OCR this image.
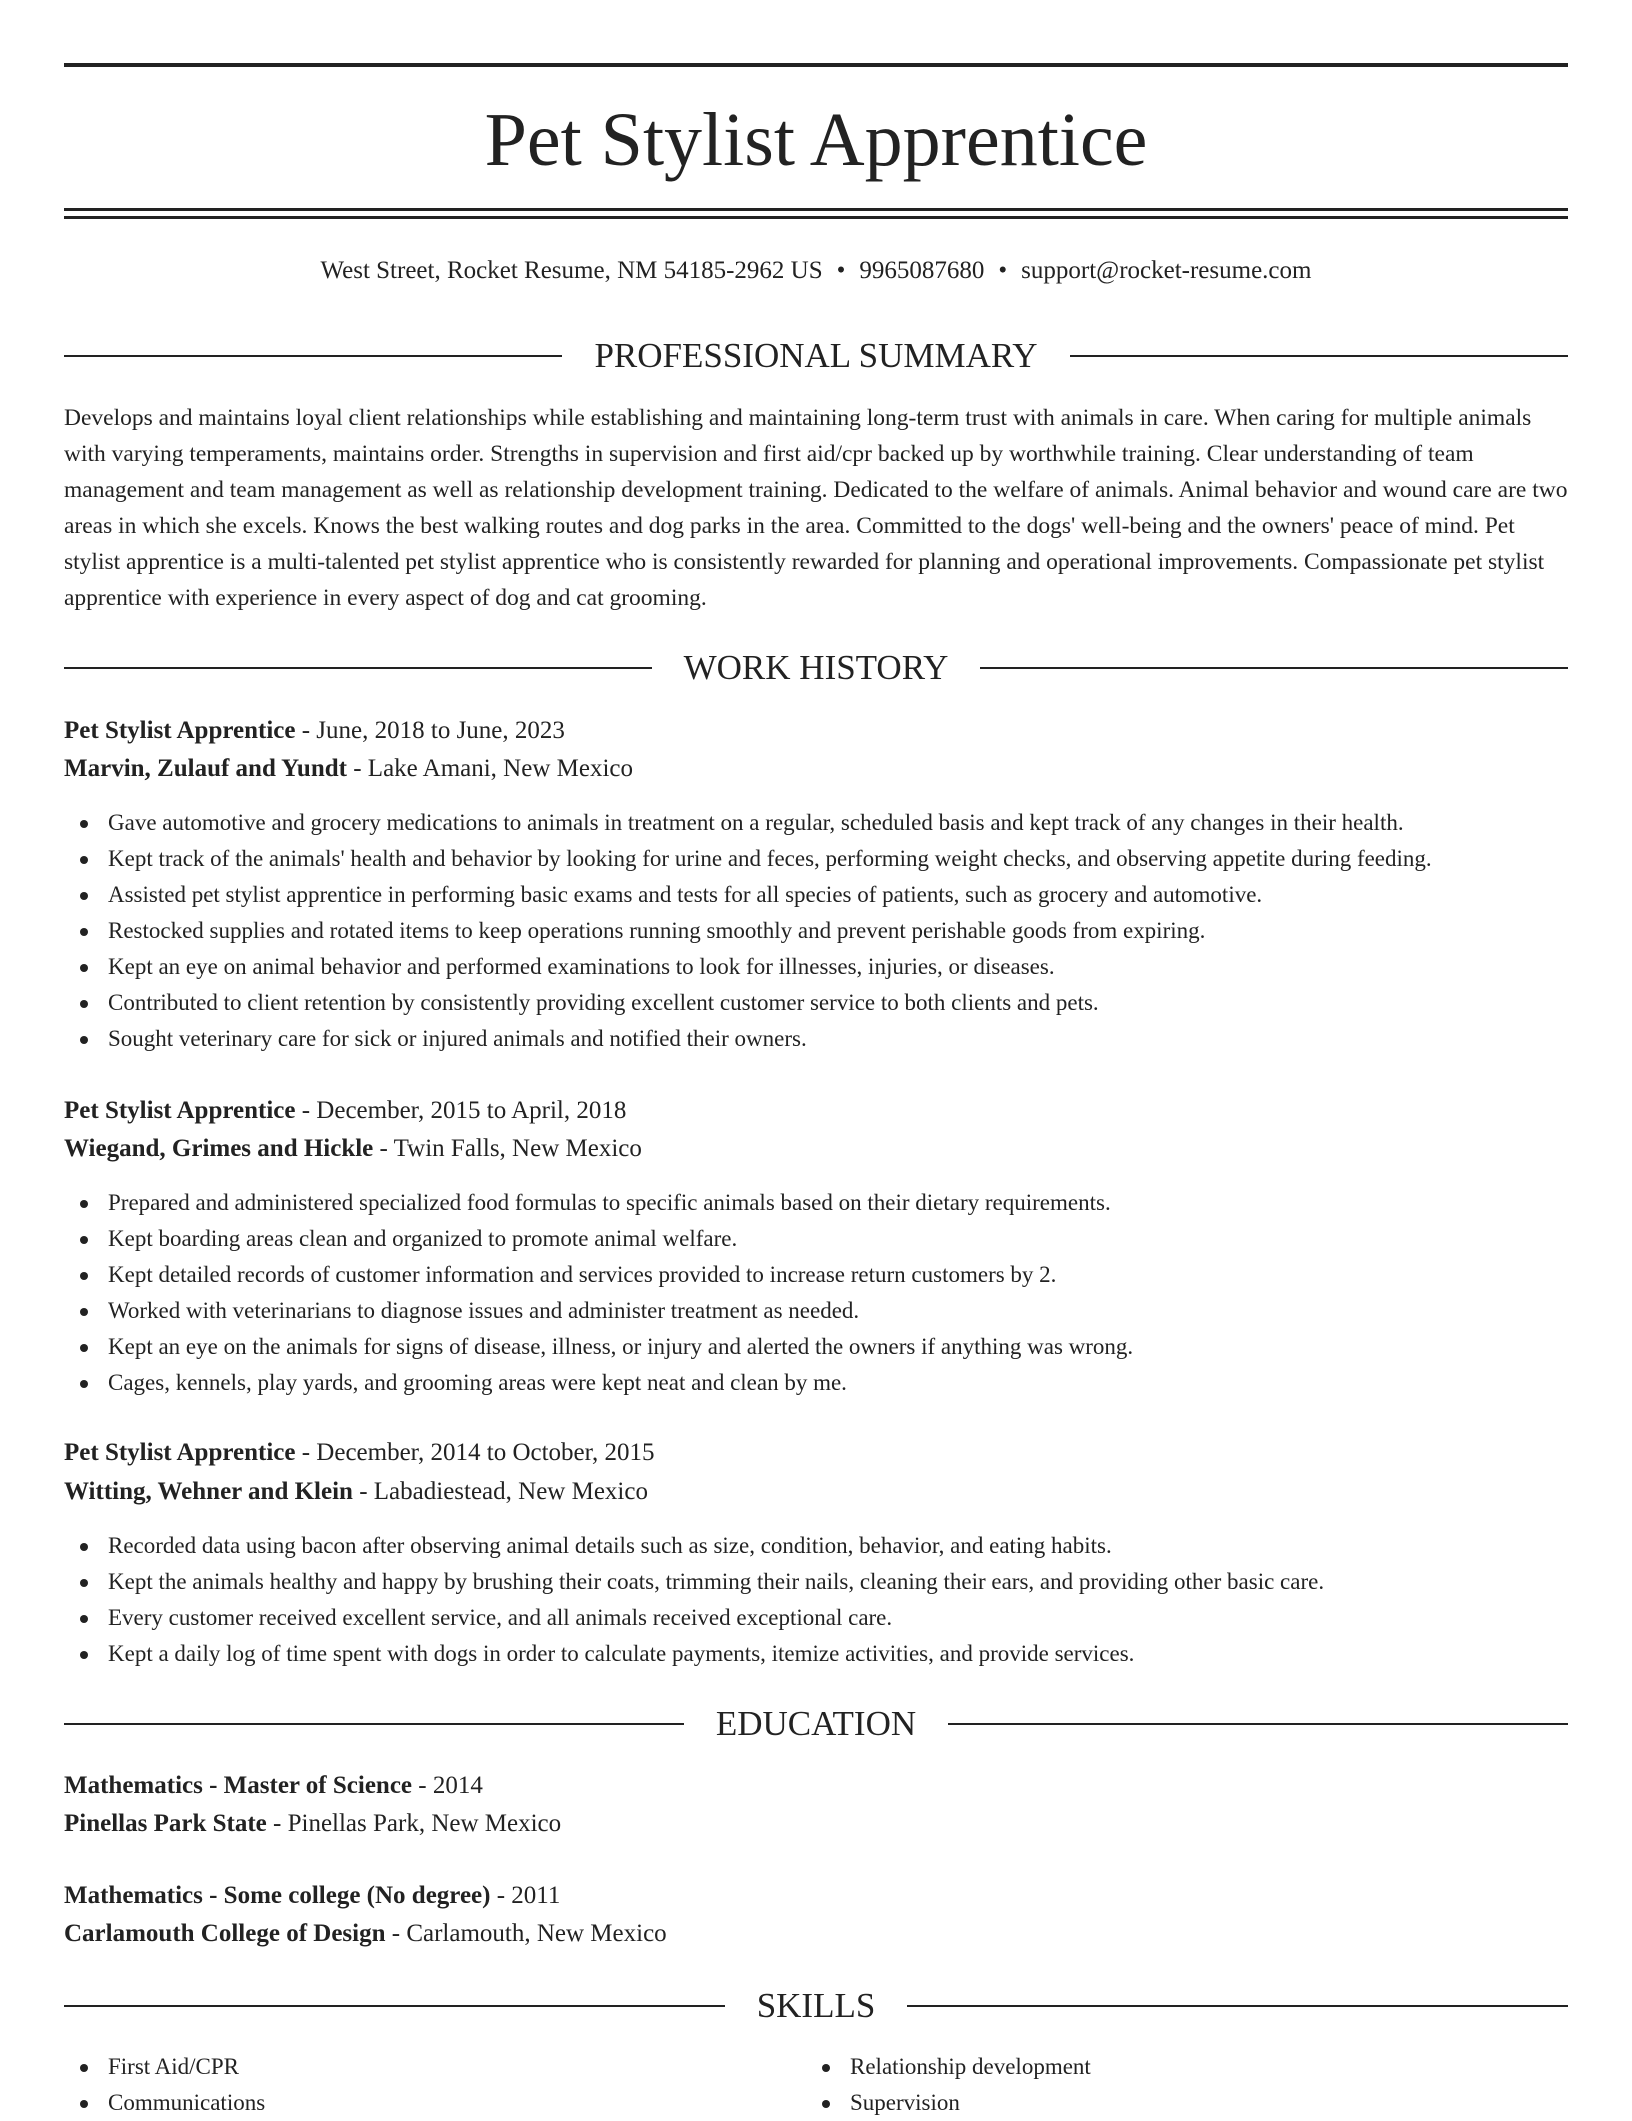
Pet Stylist Apprentice
West Street, Rocket Resume, NM 54185-2962 US • 9965087680 • support@rocket-resume.com
PROFESSIONAL SUMMARY
Develops and maintains loyal client relationships while establishing and maintaining long-term trust with animals in care. When caring for multiple animals with varying temperaments, maintains order. Strengths in supervision and first aid/cpr backed up by worthwhile training. Clear understanding of team management and team management as well as relationship development training. Dedicated to the welfare of animals. Animal behavior and wound care are two areas in which she excels. Knows the best walking routes and dog parks in the area. Committed to the dogs' well-being and the owners' peace of mind. Pet stylist apprentice is a multi-talented pet stylist apprentice who is consistently rewarded for planning and operational improvements. Compassionate pet stylist apprentice with experience in every aspect of dog and cat grooming.
WORK HISTORY
Pet Stylist Apprentice - June, 2018 to June, 2023
Marvin, Zulauf and Yundt - Lake Amani, New Mexico
Gave automotive and grocery medications to animals in treatment on a regular, scheduled basis and kept track of any changes in their health.
Kept track of the animals' health and behavior by looking for urine and feces, performing weight checks, and observing appetite during feeding.
Assisted pet stylist apprentice in performing basic exams and tests for all species of patients, such as grocery and automotive.
Restocked supplies and rotated items to keep operations running smoothly and prevent perishable goods from expiring.
Kept an eye on animal behavior and performed examinations to look for illnesses, injuries, or diseases.
Contributed to client retention by consistently providing excellent customer service to both clients and pets.
Sought veterinary care for sick or injured animals and notified their owners.
Pet Stylist Apprentice - December, 2015 to April, 2018
Wiegand, Grimes and Hickle - Twin Falls, New Mexico
Prepared and administered specialized food formulas to specific animals based on their dietary requirements.
Kept boarding areas clean and organized to promote animal welfare.
Kept detailed records of customer information and services provided to increase return customers by 2.
Worked with veterinarians to diagnose issues and administer treatment as needed.
Kept an eye on the animals for signs of disease, illness, or injury and alerted the owners if anything was wrong.
Cages, kennels, play yards, and grooming areas were kept neat and clean by me.
Pet Stylist Apprentice - December, 2014 to October, 2015
Witting, Wehner and Klein - Labadiestead, New Mexico
Recorded data using bacon after observing animal details such as size, condition, behavior, and eating habits.
Kept the animals healthy and happy by brushing their coats, trimming their nails, cleaning their ears, and providing other basic care.
Every customer received excellent service, and all animals received exceptional care.
Kept a daily log of time spent with dogs in order to calculate payments, itemize activities, and provide services.
EDUCATION
Mathematics - Master of Science - 2014
Pinellas Park State - Pinellas Park, New Mexico
Mathematics - Some college (No degree) - 2011
Carlamouth College of Design - Carlamouth, New Mexico
SKILLS
First Aid/CPR
Communications
Relationship development
Supervision
